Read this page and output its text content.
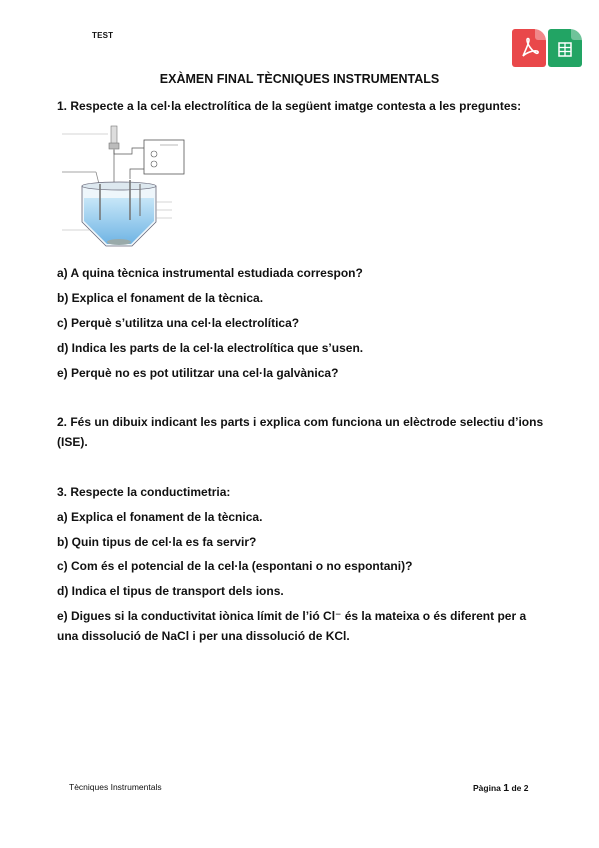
TEST
EXÀMEN FINAL TÈCNIQUES INSTRUMENTALS
1. Respecte a la cel·la electrolítica de la següent imatge contesta a les preguntes:
a) A quina tècnica instrumental estudiada correspon?
b) Explica el fonament de la tècnica.
c) Perquè s’utilitza una cel·la electrolítica?
d) Indica les parts de la cel·la electrolítica que s’usen.
e) Perquè no es pot utilitzar una cel·la galvànica?
2. Fés un dibuix indicant les parts i explica com funciona un elèctrode selectiu d’ions (ISE).
3. Respecte la conductimetria:
a) Explica el fonament de la tècnica.
b) Quin tipus de cel·la es fa servir?
c) Com és el potencial de la cel·la (espontani o no espontani)?
d) Indica el tipus de transport dels ions.
e) Digues si la conductivitat iònica límit de l’ió Cl⁻ és la mateixa o és diferent per a una dissolució de NaCl i per una dissolució de KCl.
Tècniques Instrumentals	Pàgina 1 de 2
